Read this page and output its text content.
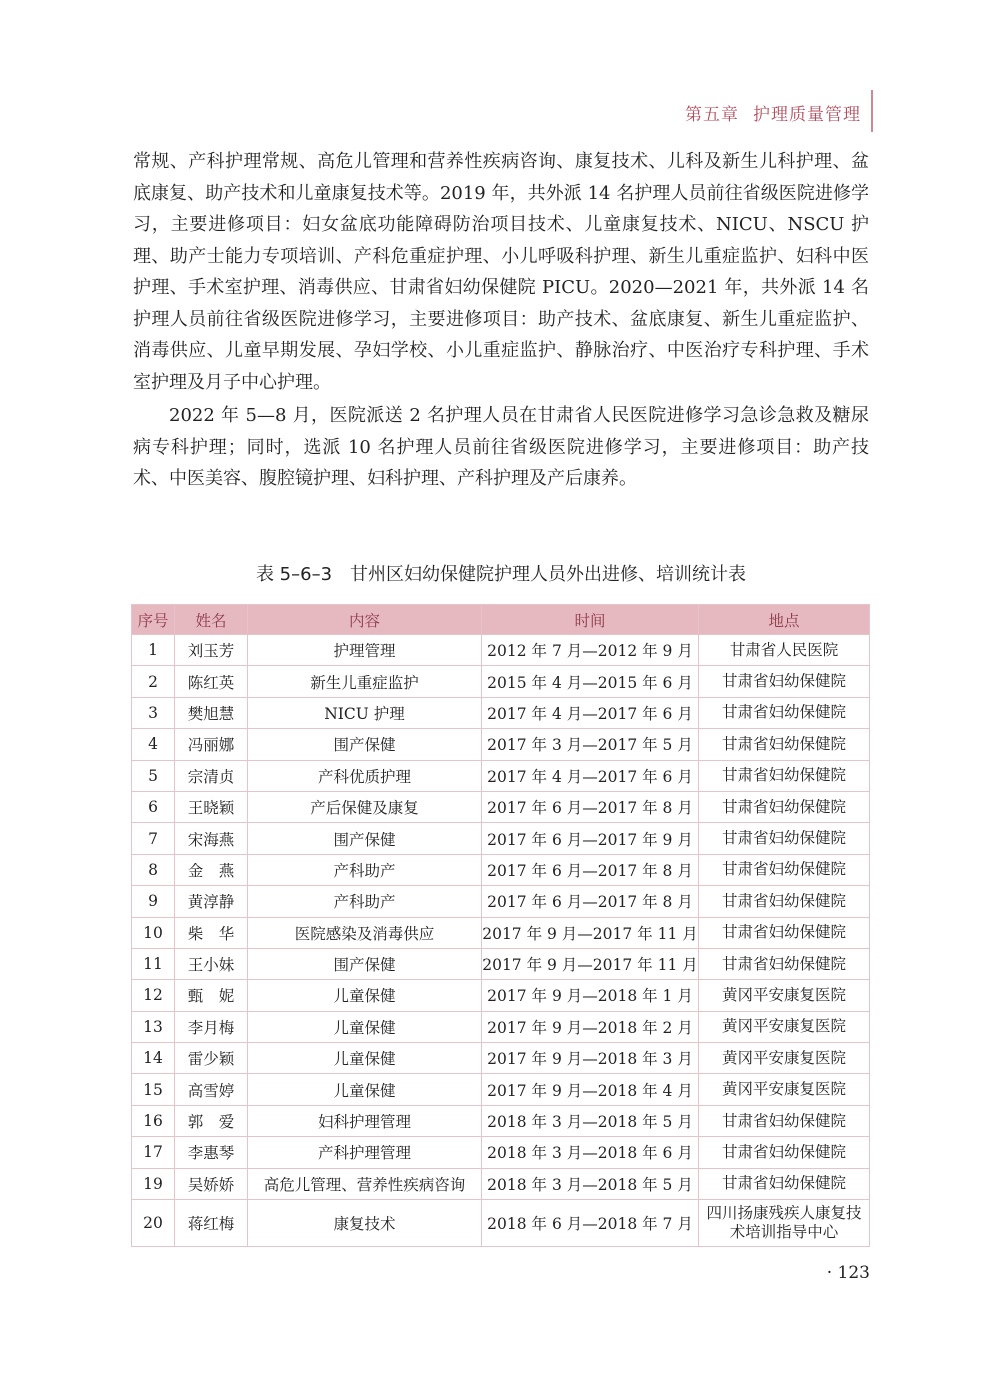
第五章 护理质量管理

常规、产科护理常规、高危儿管理和营养性疾病咨询、康复技术、儿科及新生儿科护理、盆底康复、助产技术和儿童康复技术等。2019 年，共外派 14 名护理人员前往省级医院进修学习，主要进修项目：妇女盆底功能障碍防治项目技术、儿童康复技术、NICU、NSCU 护理、助产士能力专项培训、产科危重症护理、小儿呼吸科护理、新生儿重症监护、妇科中医护理、手术室护理、消毒供应、甘肃省妇幼保健院 PICU。2020—2021 年，共外派 14 名护理人员前往省级医院进修学习，主要进修项目：助产技术、盆底康复、新生儿重症监护、消毒供应、儿童早期发展、孕妇学校、小儿重症监护、静脉治疗、中医治疗专科护理、手术室护理及月子中心护理。

2022 年 5—8 月，医院派送 2 名护理人员在甘肃省人民医院进修学习急诊急救及糖尿病专科护理；同时，选派 10 名护理人员前往省级医院进修学习，主要进修项目：助产技术、中医美容、腹腔镜护理、妇科护理、产科护理及产后康养。

表 5–6–3 甘州区妇幼保健院护理人员外出进修、培训统计表
序号	姓名	内容	时间	地点
1	刘玉芳	护理管理	2012 年 7 月—2012 年 9 月	甘肃省人民医院
2	陈红英	新生儿重症监护	2015 年 4 月—2015 年 6 月	甘肃省妇幼保健院
3	樊旭慧	NICU 护理	2017 年 4 月—2017 年 6 月	甘肃省妇幼保健院
4	冯丽娜	围产保健	2017 年 3 月—2017 年 5 月	甘肃省妇幼保健院
5	宗清贞	产科优质护理	2017 年 4 月—2017 年 6 月	甘肃省妇幼保健院
6	王晓颖	产后保健及康复	2017 年 6 月—2017 年 8 月	甘肃省妇幼保健院
7	宋海燕	围产保健	2017 年 6 月—2017 年 9 月	甘肃省妇幼保健院
8	金　燕	产科助产	2017 年 6 月—2017 年 8 月	甘肃省妇幼保健院
9	黄淳静	产科助产	2017 年 6 月—2017 年 8 月	甘肃省妇幼保健院
10	柴　华	医院感染及消毒供应	2017 年 9 月—2017 年 11 月	甘肃省妇幼保健院
11	王小妹	围产保健	2017 年 9 月—2017 年 11 月	甘肃省妇幼保健院
12	甄　妮	儿童保健	2017 年 9 月—2018 年 1 月	黄冈平安康复医院
13	李月梅	儿童保健	2017 年 9 月—2018 年 2 月	黄冈平安康复医院
14	雷少颖	儿童保健	2017 年 9 月—2018 年 3 月	黄冈平安康复医院
15	高雪婷	儿童保健	2017 年 9 月—2018 年 4 月	黄冈平安康复医院
16	郭　爱	妇科护理管理	2018 年 3 月—2018 年 5 月	甘肃省妇幼保健院
17	李惠琴	产科护理管理	2018 年 3 月—2018 年 6 月	甘肃省妇幼保健院
19	吴娇娇	高危儿管理、营养性疾病咨询	2018 年 3 月—2018 年 5 月	甘肃省妇幼保健院
20	蒋红梅	康复技术	2018 年 6 月—2018 年 7 月	四川扬康残疾人康复技术培训指导中心
· 123
